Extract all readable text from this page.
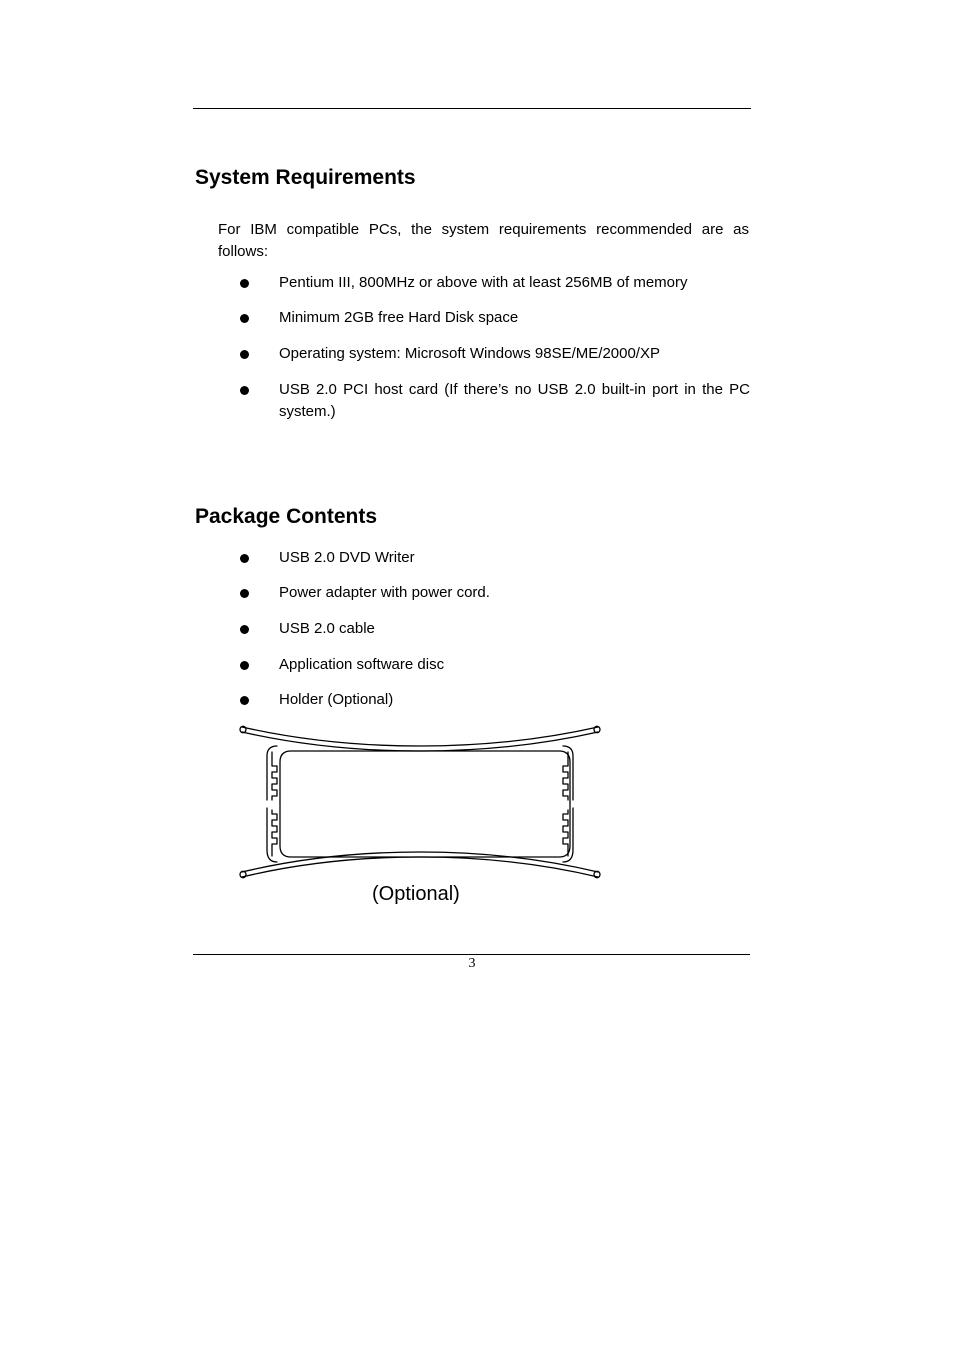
System Requirements

For IBM compatible PCs, the system requirements recommended are as follows:

Pentium III, 800MHz or above with at least 256MB of memory
Minimum 2GB free Hard Disk space
Operating system: Microsoft Windows 98SE/ME/2000/XP
USB 2.0 PCI host card (If there’s no USB 2.0 built-in port in the PC system.)
Package Contents
USB 2.0 DVD Writer
Power adapter with power cord.
USB 2.0 cable
Application software disc
Holder (Optional)
(Optional)
3
